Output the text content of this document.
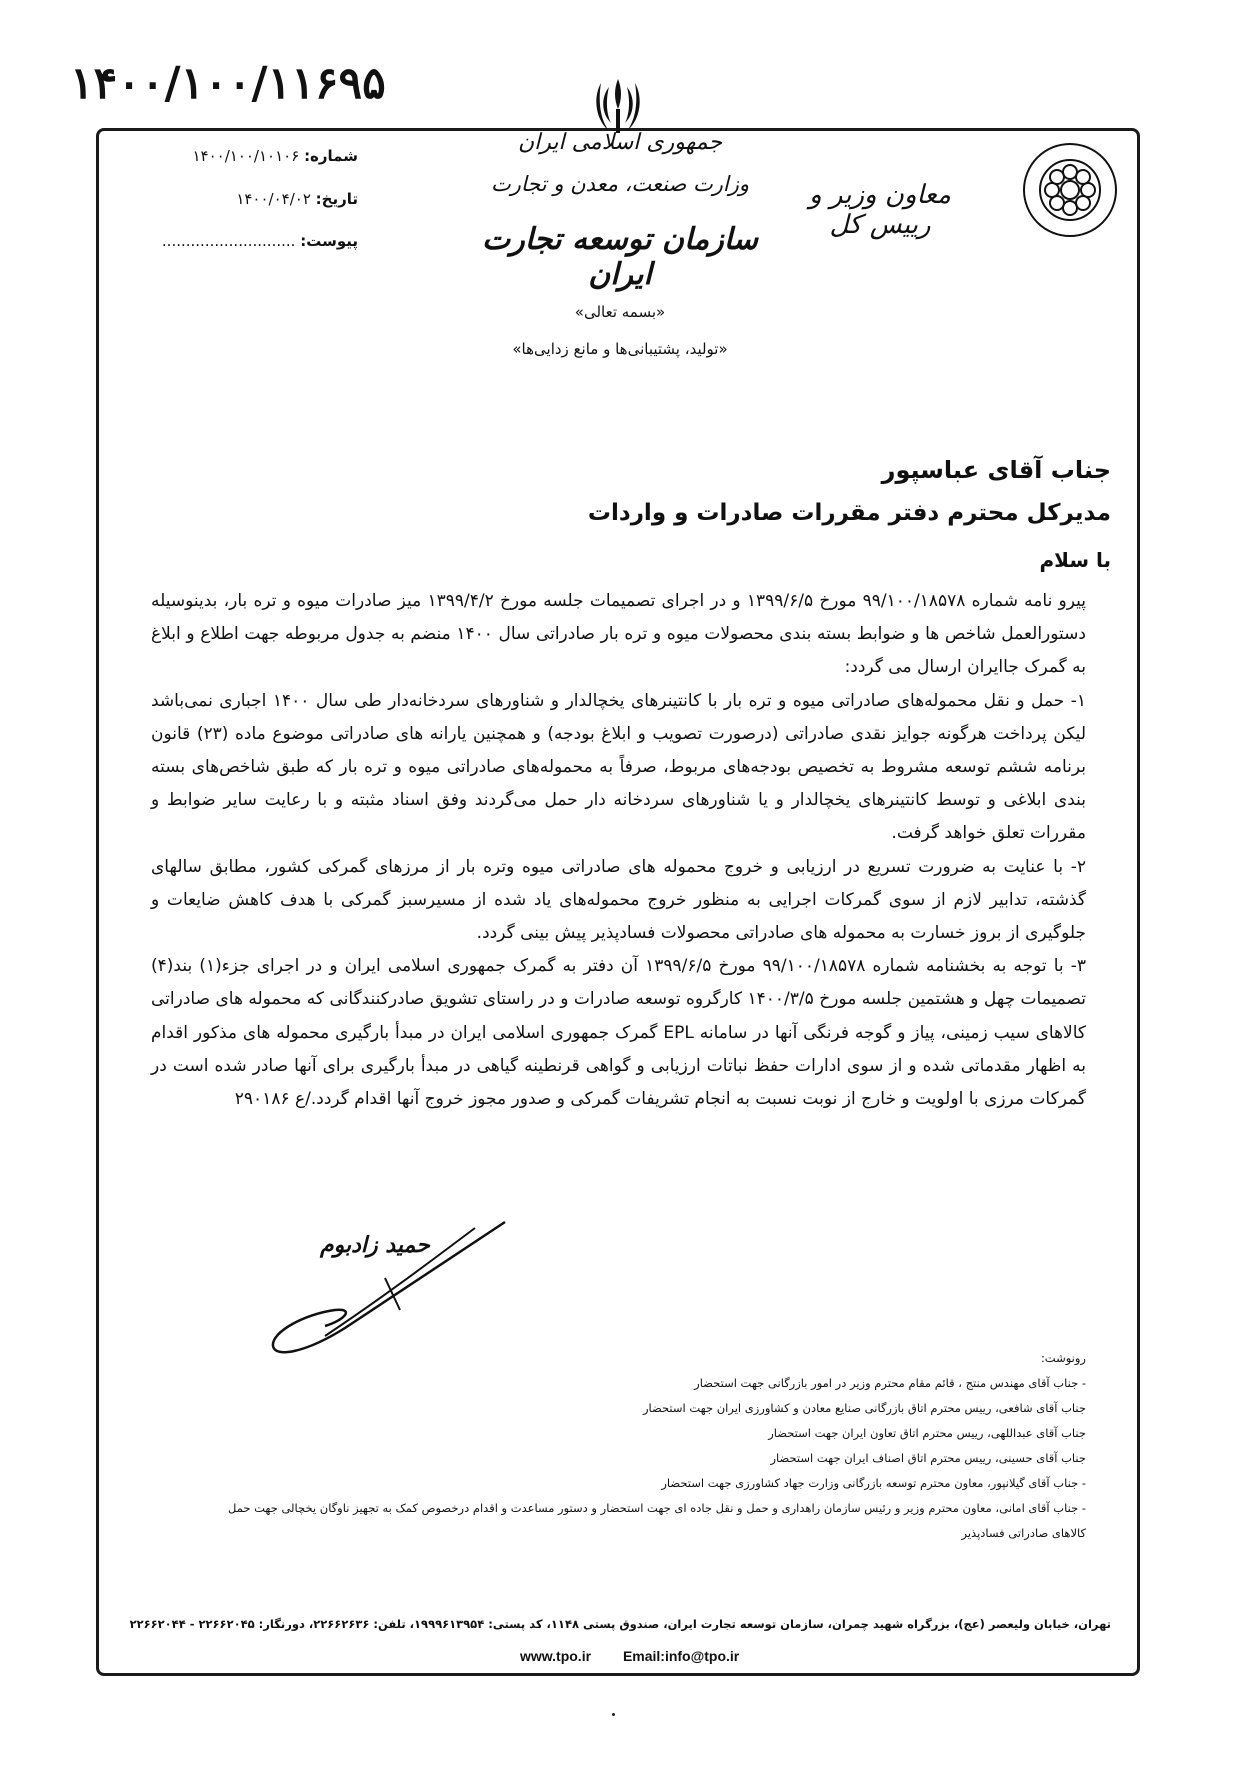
۱۴۰۰/۱۰۰/۱۱۶۹۵
شماره: ۱۴۰۰/۱۰۰/۱۰۱۰۶
تاریخ: ۱۴۰۰/۰۴/۰۲
پیوست: ............................
جمهوری اسلامی ایران
وزارت صنعت، معدن و تجارت
سازمان توسعه تجارت ایران
معاون وزیر و رییس کل
«بسمه تعالی»
«تولید، پشتیبانی‌ها و مانع زدایی‌ها»
جناب آقای عباسپور
مدیرکل محترم دفتر مقررات صادرات و واردات
با سلام

پیرو نامه شماره ۹۹/۱۰۰/۱۸۵۷۸ مورخ ۱۳۹۹/۶/۵ و در اجرای تصمیمات جلسه مورخ ۱۳۹۹/۴/۲ میز صادرات میوه و تره بار، بدینوسیله دستورالعمل شاخص ها و ضوابط بسته بندی محصولات میوه و تره بار صادراتی سال ۱۴۰۰ منضم به جدول مربوطه جهت اطلاع و ابلاغ به گمرک جاایران ارسال می گردد:

۱- حمل و نقل محموله‌های صادراتی میوه و تره بار با کانتینرهای یخچالدار و شناورهای سردخانه‌دار طی سال ۱۴۰۰ اجباری نمی‌باشد لیکن پرداخت هرگونه جوایز نقدی صادراتی (درصورت تصویب و ابلاغ بودجه) و همچنین یارانه های صادراتی موضوع ماده (۲۳) قانون برنامه ششم توسعه مشروط به تخصیص بودجه‌های مربوط، صرفاً به محموله‌های صادراتی میوه و تره بار که طبق شاخص‌های بسته بندی ابلاغی و توسط کانتینرهای یخچالدار و یا شناورهای سردخانه دار حمل می‌گردند وفق اسناد مثبته و با رعایت سایر ضوابط و مقررات تعلق خواهد گرفت.

۲- با عنایت به ضرورت تسریع در ارزیابی و خروج محموله های صادراتی میوه وتره بار از مرزهای گمرکی کشور، مطابق سالهای گذشته، تدابیر لازم از سوی گمرکات اجرایی به منظور خروج محموله‌های یاد شده از مسیرسبز گمرکی با هدف کاهش ضایعات و جلوگیری از بروز خسارت به محموله های صادراتی محصولات فسادپذیر پیش بینی گردد.

۳- با توجه به بخشنامه شماره ۹۹/۱۰۰/۱۸۵۷۸ مورخ ۱۳۹۹/۶/۵ آن دفتر به گمرک جمهوری اسلامی ایران و در اجرای جزء(۱) بند(۴) تصمیمات چهل و هشتمین جلسه مورخ ۱۴۰۰/۳/۵ کارگروه توسعه صادرات و در راستای تشویق صادرکنندگانی که محموله های صادراتی کالاهای سیب زمینی، پیاز و گوجه فرنگی آنها در سامانه EPL گمرک جمهوری اسلامی ایران در مبدأ بارگیری محموله های مذکور اقدام به اظهار مقدماتی شده و از سوی ادارات حفظ نباتات ارزیابی و گواهی قرنطینه گیاهی در مبدأ بارگیری برای آنها صادر شده است در گمرکات مرزی با اولویت و خارج از نوبت نسبت به انجام تشریفات گمرکی و صدور مجوز خروج آنها اقدام گردد./ع ۲۹۰۱۸۶

حمید زادبوم
رونوشت:
- جناب آقای مهندس منتج ، قائم مقام محترم وزیر در امور بازرگانی جهت استحضار
جناب آقای شافعی، رییس محترم اتاق بازرگانی صنایع معادن و کشاورزی ایران جهت استحضار
جناب آقای عبداللهی، رییس محترم اتاق تعاون ایران جهت استحضار
جناب آقای حسینی، رییس محترم اتاق اصناف ایران جهت استحضار
- جناب آقای گیلانپور، معاون محترم توسعه بازرگانی وزارت جهاد کشاورزی جهت استحضار
- جناب آقای امانی، معاون محترم وزیر و رئیس سازمان راهداری و حمل و نقل جاده ای جهت استحضار و دستور مساعدت و اقدام درخصوص کمک به تجهیز ناوگان یخچالی جهت حمل
کالاهای صادراتی فسادپذیر
تهران، خیابان ولیعصر (عج)، بزرگراه شهید چمران، سازمان توسعه تجارت ایران، صندوق پستی ۱۱۴۸، کد پستی: ۱۹۹۹۶۱۳۹۵۴، تلفن: ۲۲۶۶۲۶۳۶، دورنگار: ۲۲۶۶۲۰۴۵ - ۲۲۶۶۲۰۴۴
www.tpo.ir Email:info@tpo.ir
